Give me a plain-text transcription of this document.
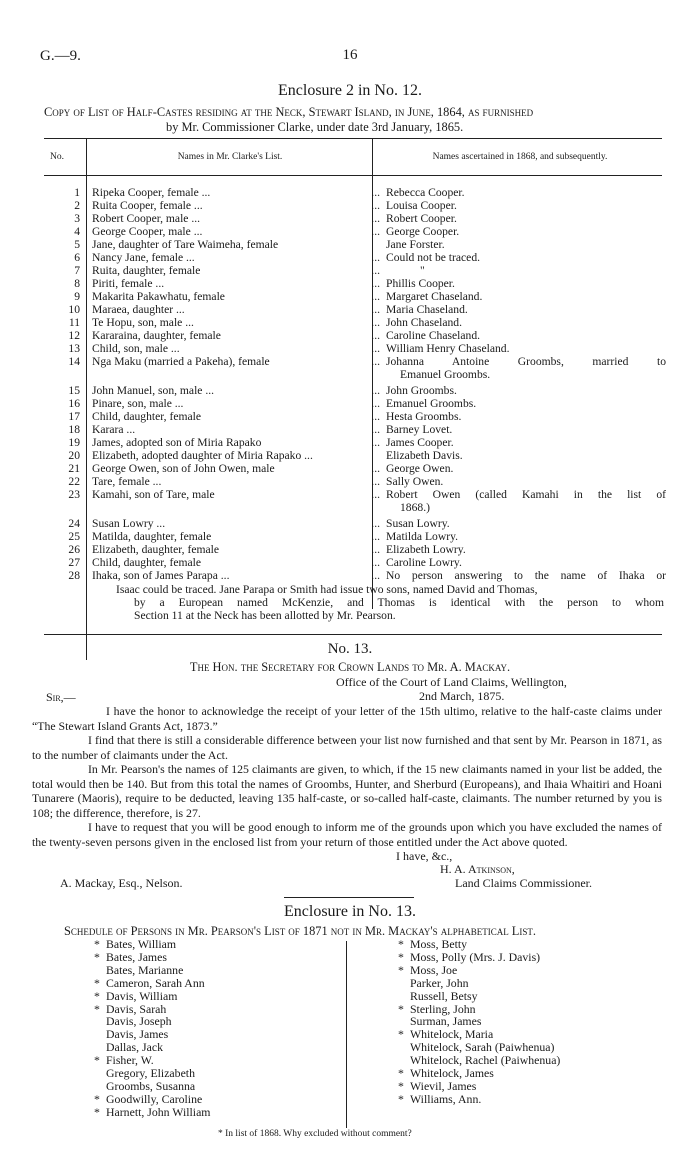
G.—9.	16
Enclosure 2 in No. 12.
Copy of List of Half-Castes residing at the Neck, Stewart Island, in June, 1864, as furnished
by Mr. Commissioner Clarke, under date 3rd January, 1865.
No.	Names in Mr. Clarke's List.	Names ascertained in 1868, and subsequently.
1 Ripeka Cooper, female ...	... Rebecca Cooper.
2 Ruita Cooper, female ...	... Louisa Cooper.
3 Robert Cooper, male ...	... Robert Cooper.
4 George Cooper, male ...	... George Cooper.
5 Jane, daughter of Tare Waimeha, female	Jane Forster.
6 Nancy Jane, female ...	... Could not be traced.
7 Ruita, daughter, female	...	"
8 Piriti, female ...	... Phillis Cooper.
9 Makarita Pakawhatu, female	... Margaret Chaseland.
10 Maraea, daughter ...	... Maria Chaseland.
11 Te Hopu, son, male ...	... John Chaseland.
12 Kararaina, daughter, female	... Caroline Chaseland.
13 Child, son, male ...	... William Henry Chaseland.
14 Nga Maku (married a Pakeha), female	... Johanna Antoine Groombs, married to
Emanuel Groombs.
15 John Manuel, son, male ...	... John Groombs.
16 Pinare, son, male ...	... Emanuel Groombs.
17 Child, daughter, female	... Hesta Groombs.
18 Karara ...	... Barney Lovet.
19 James, adopted son of Miria Rapako	... James Cooper.
20 Elizabeth, adopted daughter of Miria Rapako ...	Elizabeth Davis.
21 George Owen, son of John Owen, male	... George Owen.
22 Tare, female ...	... Sally Owen.
23 Kamahi, son of Tare, male	... Robert Owen (called Kamahi in the list of
1868.)
24 Susan Lowry ...	... Susan Lowry.
25 Matilda, daughter, female	... Matilda Lowry.
26 Elizabeth, daughter, female	... Elizabeth Lowry.
27 Child, daughter, female	... Caroline Lowry.
28 Ihaka, son of James Parapa ...	... No person answering to the name of Ihaka or
Isaac could be traced. Jane Parapa or Smith had issue two sons, named David and Thomas,
by a European named McKenzie, and Thomas is identical with the person to whom
Section 11 at the Neck has been allotted by Mr. Pearson.
No. 13.
The Hon. the Secretary for Crown Lands to Mr. A. Mackay.
Office of the Court of Land Claims, Wellington,
2nd March, 1875.
Sir,—
I have the honor to acknowledge the receipt of your letter of the 15th ultimo, relative to the half-caste claims under “The Stewart Island Grants Act, 1873.”
I find that there is still a considerable difference between your list now furnished and that sent by Mr. Pearson in 1871, as to the number of claimants under the Act.
In Mr. Pearson's the names of 125 claimants are given, to which, if the 15 new claimants named in your list be added, the total would then be 140. But from this total the names of Groombs, Hunter, and Sherburd (Europeans), and Ihaia Whaitiri and Hoani Tunarere (Maoris), require to be deducted, leaving 135 half-caste, or so-called half-caste, claimants. The number returned by you is 108; the difference, therefore, is 27.
I have to request that you will be good enough to inform me of the grounds upon which you have excluded the names of the twenty-seven persons given in the enclosed list from your return of those entitled under the Act above quoted.
I have, &c.,
H. A. Atkinson,
A. Mackay, Esq., Nelson.	Land Claims Commissioner.
Enclosure in No. 13.
Schedule of Persons in Mr. Pearson's List of 1871 not in Mr. Mackay's alphabetical List.
* Bates, William
* Bates, James
Bates, Marianne
* Cameron, Sarah Ann
* Davis, William
* Davis, Sarah
Davis, Joseph
Davis, James
Dallas, Jack
* Fisher, W.
Gregory, Elizabeth
Groombs, Susanna
* Goodwilly, Caroline
* Harnett, John William
* Moss, Betty
* Moss, Polly (Mrs. J. Davis)
* Moss, Joe
Parker, John
Russell, Betsy
* Sterling, John
Surman, James
* Whitelock, Maria
Whitelock, Sarah (Paiwhenua)
Whitelock, Rachel (Paiwhenua)
* Whitelock, James
* Wievil, James
* Williams, Ann.
* In list of 1868. Why excluded without comment?
